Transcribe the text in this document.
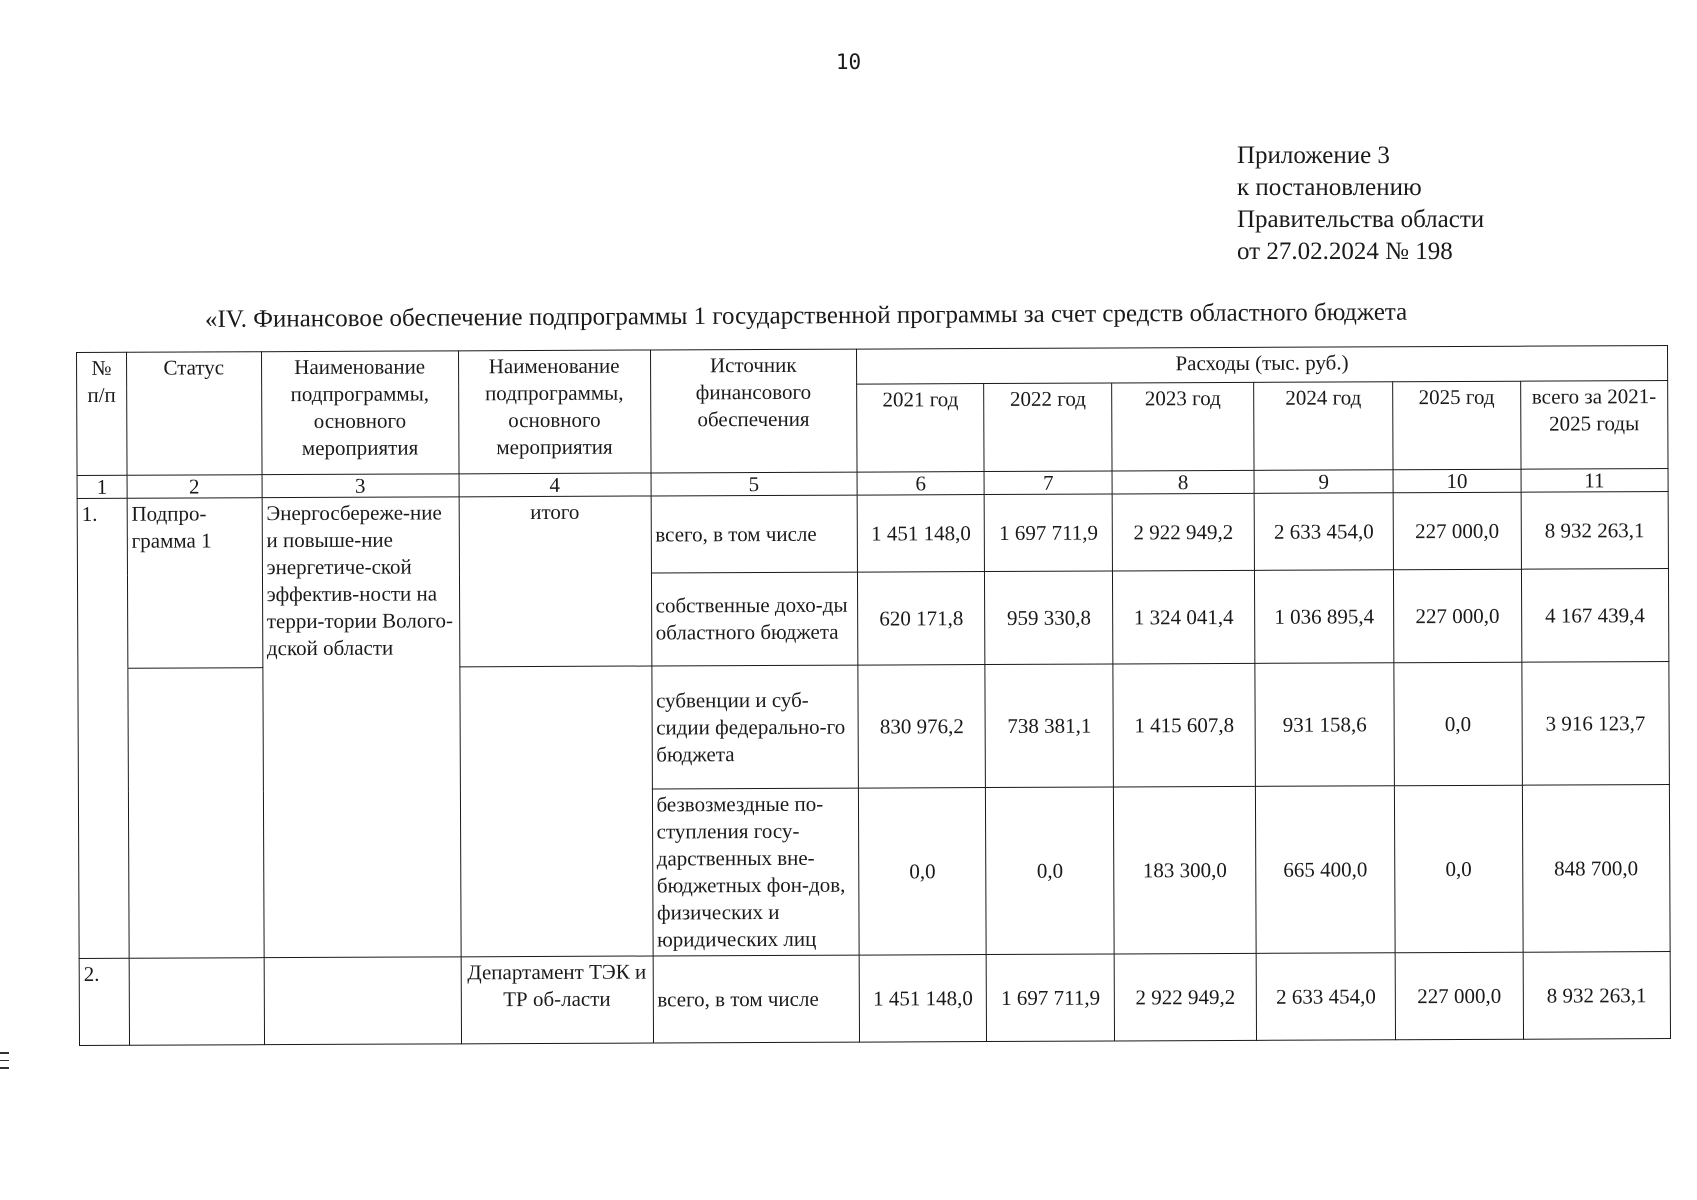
10
Приложение 3
к постановлению
Правительства области
от 27.02.2024 № 198
«IV. Финансовое обеспечение подпрограммы 1 государственной программы за счет средств областного бюджета
№ п/п	Статус	Наименование подпрограммы, основного мероприятия	Наименование подпрограммы, основного мероприятия	Источник финансового обеспечения	Расходы (тыс. руб.)					
					2021 год	2022 год	2023 год	2024 год	2025 год	всего за 2021-2025 годы
1	2	3	4	5	6	7	8	9	10	11
1.	Подпро-грамма 1	Энергосбереже-ние и повыше-ние энергетиче-ской эффектив-ности на терри-тории Волого-дской области	итого	всего, в том числе	1 451 148,0	1 697 711,9	2 922 949,2	2 633 454,0	227 000,0	8 932 263,1
				собственные дохо-ды областного бюджета	620 171,8	959 330,8	1 324 041,4	1 036 895,4	227 000,0	4 167 439,4
				субвенции и суб-сидии федерально-го бюджета	830 976,2	738 381,1	1 415 607,8	931 158,6	0,0	3 916 123,7
				безвозмездные по-ступления госу-дарственных вне-бюджетных фон-дов, физических и юридических лиц	0,0	0,0	183 300,0	665 400,0	0,0	848 700,0
2.			Департамент ТЭК и ТР об-ласти	всего, в том числе	1 451 148,0	1 697 711,9	2 922 949,2	2 633 454,0	227 000,0	8 932 263,1
